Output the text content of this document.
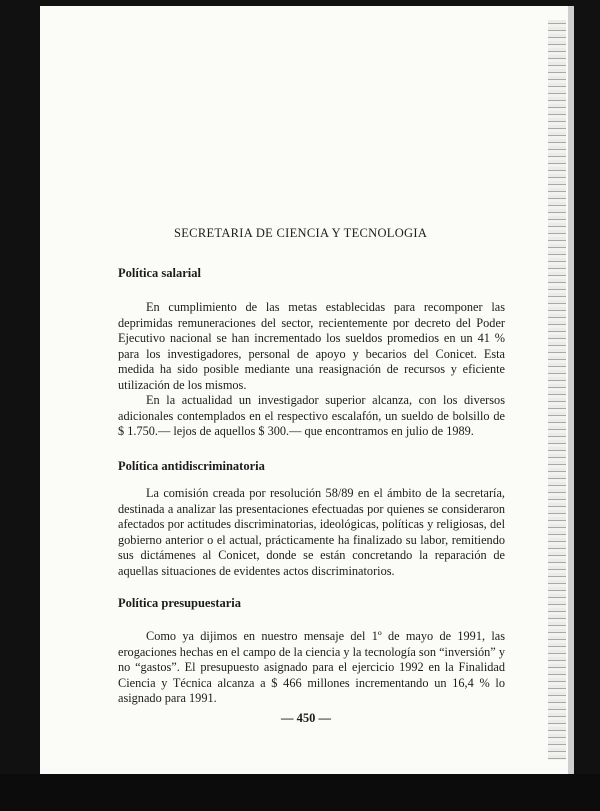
SECRETARIA DE CIENCIA Y TECNOLOGIA
Política salarial
En cumplimiento de las metas establecidas para recomponer las deprimidas remuneraciones del sector, recientemente por decreto del Poder Ejecutivo nacional se han incrementado los sueldos promedios en un 41 % para los investigadores, personal de apoyo y becarios del Conicet. Esta medida ha sido posible mediante una reasignación de recursos y eficiente utilización de los mismos.
En la actualidad un investigador superior alcanza, con los diversos adicionales contemplados en el respectivo escalafón, un sueldo de bolsillo de $ 1.750.— lejos de aquellos $ 300.— que encontramos en julio de 1989.
Política antidiscriminatoria
La comisión creada por resolución 58/89 en el ámbito de la secretaría, destinada a analizar las presentaciones efectuadas por quienes se consideraron afectados por actitudes discriminatorias, ideológicas, políticas y religiosas, del gobierno anterior o el actual, prácticamente ha finalizado su labor, remitiendo sus dictámenes al Conicet, donde se están concretando la reparación de aquellas situaciones de evidentes actos discriminatorios.
Política presupuestaria
Como ya dijimos en nuestro mensaje del 1º de mayo de 1991, las erogaciones hechas en el campo de la ciencia y la tecnología son “inversión” y no “gastos”. El presupuesto asignado para el ejercicio 1992 en la Finalidad Ciencia y Técnica alcanza a $ 466 millones incrementando un 16,4 % lo asignado para 1991.
— 450 —
